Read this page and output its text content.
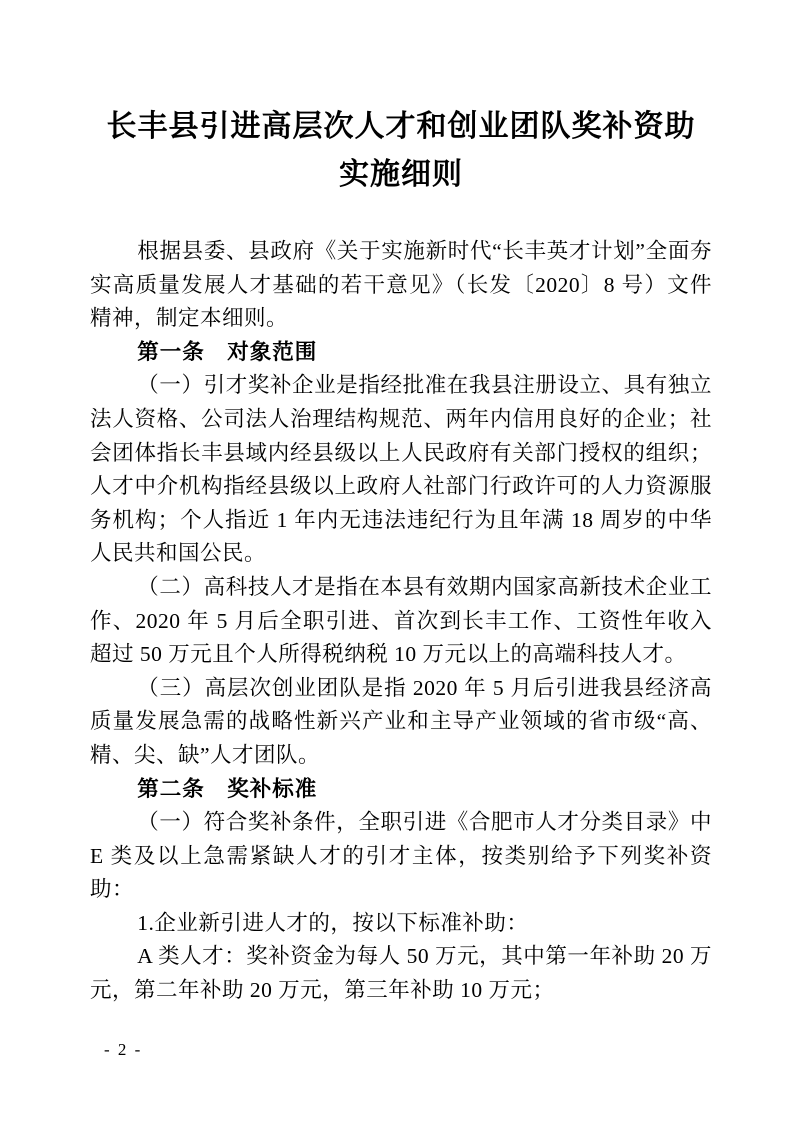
长丰县引进高层次人才和创业团队奖补资助
实施细则

根据县委、县政府《关于实施新时代“长丰英才计划”全面夯实高质量发展人才基础的若干意见》（长发〔2020〕8 号）文件精神，制定本细则。

第一条　对象范围

（一）引才奖补企业是指经批准在我县注册设立、具有独立法人资格、公司法人治理结构规范、两年内信用良好的企业；社会团体指长丰县域内经县级以上人民政府有关部门授权的组织；人才中介机构指经县级以上政府人社部门行政许可的人力资源服务机构；个人指近 1 年内无违法违纪行为且年满 18 周岁的中华人民共和国公民。

（二）高科技人才是指在本县有效期内国家高新技术企业工作、2020 年 5 月后全职引进、首次到长丰工作、工资性年收入超过 50 万元且个人所得税纳税 10 万元以上的高端科技人才。

（三）高层次创业团队是指 2020 年 5 月后引进我县经济高质量发展急需的战略性新兴产业和主导产业领域的省市级“高、精、尖、缺”人才团队。

第二条　奖补标准

（一）符合奖补条件，全职引进《合肥市人才分类目录》中E 类及以上急需紧缺人才的引才主体，按类别给予下列奖补资助：

1.企业新引进人才的，按以下标准补助：

A 类人才：奖补资金为每人 50 万元，其中第一年补助 20 万元，第二年补助 20 万元，第三年补助 10 万元；

- 2 -
